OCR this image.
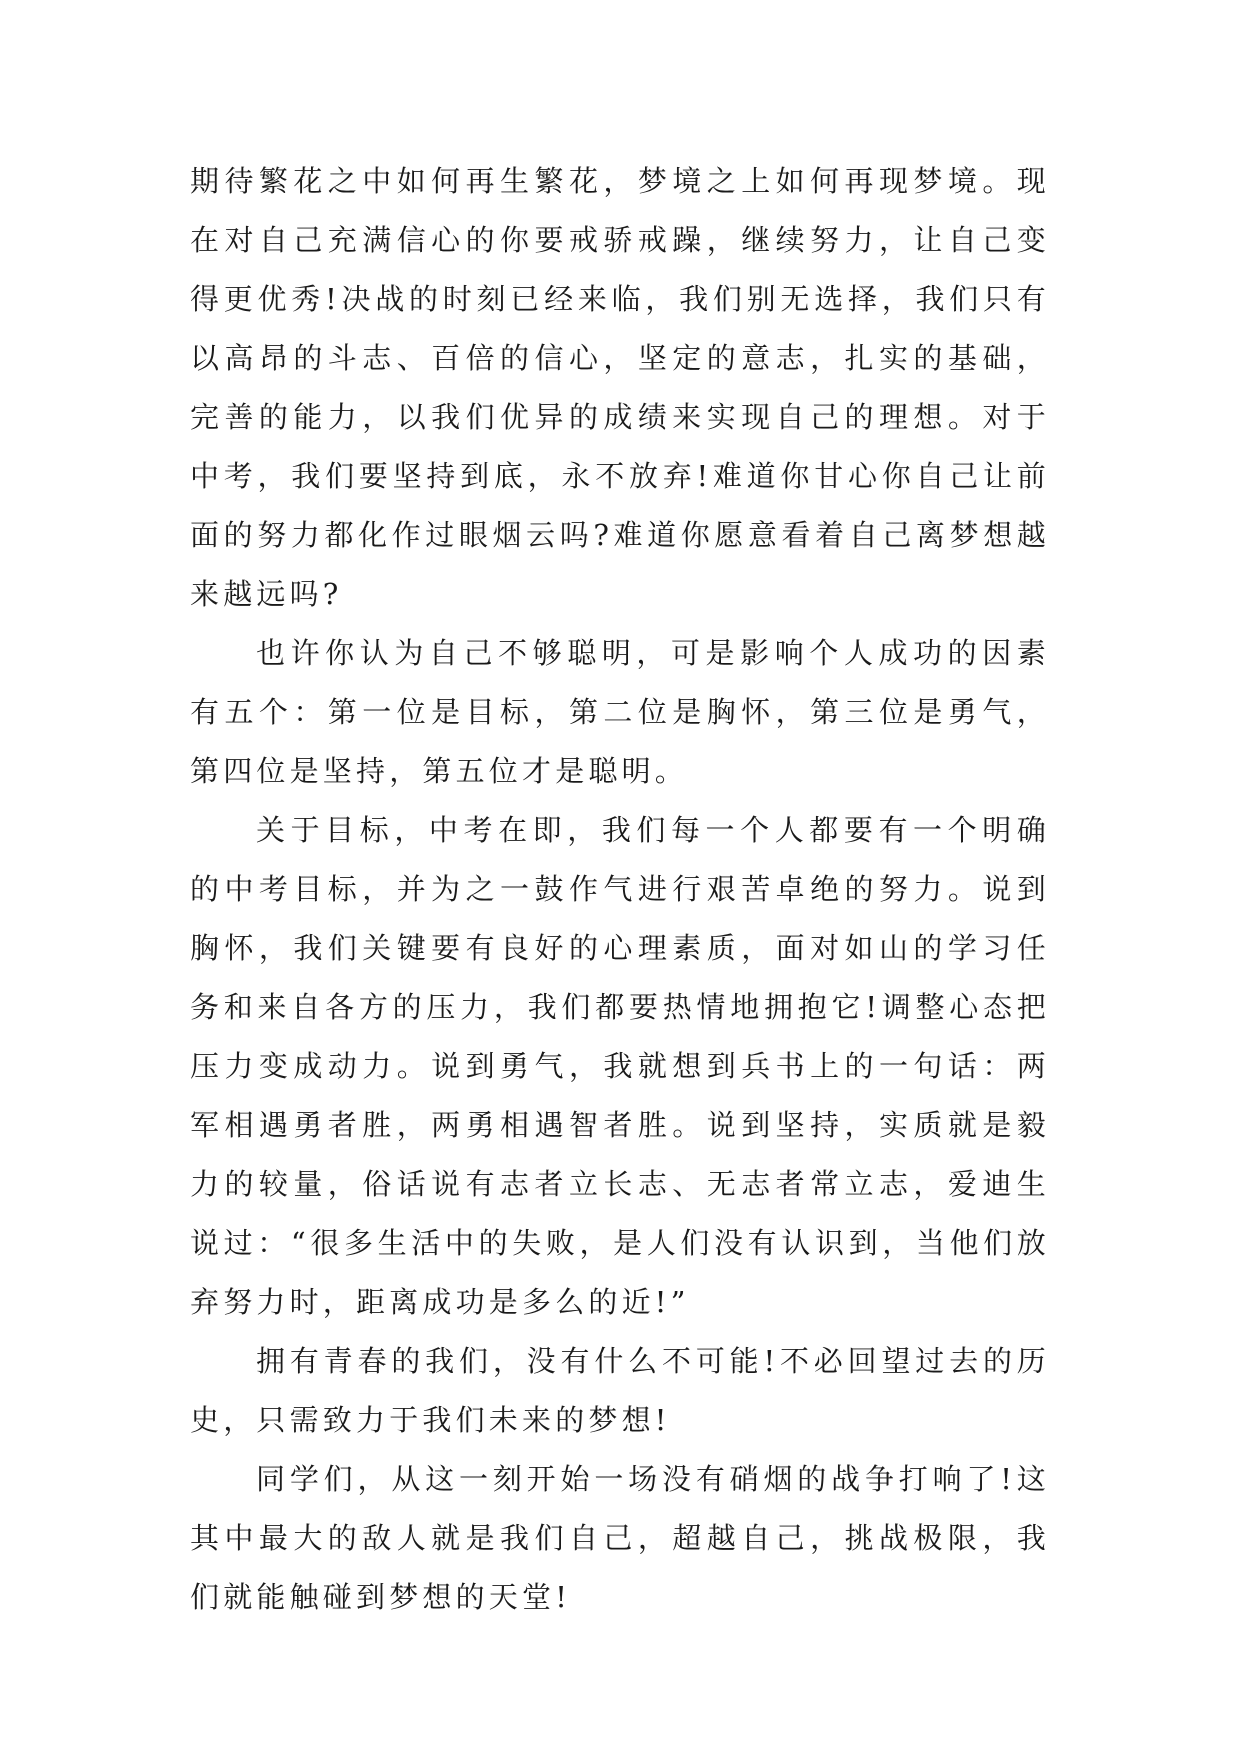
期待繁花之中如何再生繁花，梦境之上如何再现梦境。现在对自己充满信心的你要戒骄戒躁，继续努力，让自己变得更优秀!决战的时刻已经来临，我们别无选择，我们只有以高昂的斗志、百倍的信心，坚定的意志，扎实的基础，完善的能力，以我们优异的成绩来实现自己的理想。对于中考，我们要坚持到底，永不放弃!难道你甘心你自己让前面的努力都化作过眼烟云吗?难道你愿意看着自己离梦想越来越远吗?

也许你认为自己不够聪明，可是影响个人成功的因素有五个：第一位是目标，第二位是胸怀，第三位是勇气，第四位是坚持，第五位才是聪明。

关于目标，中考在即，我们每一个人都要有一个明确的中考目标，并为之一鼓作气进行艰苦卓绝的努力。说到胸怀，我们关键要有良好的心理素质，面对如山的学习任务和来自各方的压力，我们都要热情地拥抱它!调整心态把压力变成动力。说到勇气，我就想到兵书上的一句话：两军相遇勇者胜，两勇相遇智者胜。说到坚持，实质就是毅力的较量，俗话说有志者立长志、无志者常立志，爱迪生说过：“很多生活中的失败，是人们没有认识到，当他们放弃努力时，距离成功是多么的近!”

拥有青春的我们，没有什么不可能!不必回望过去的历史，只需致力于我们未来的梦想!

同学们，从这一刻开始一场没有硝烟的战争打响了!这其中最大的敌人就是我们自己，超越自己，挑战极限，我们就能触碰到梦想的天堂!
